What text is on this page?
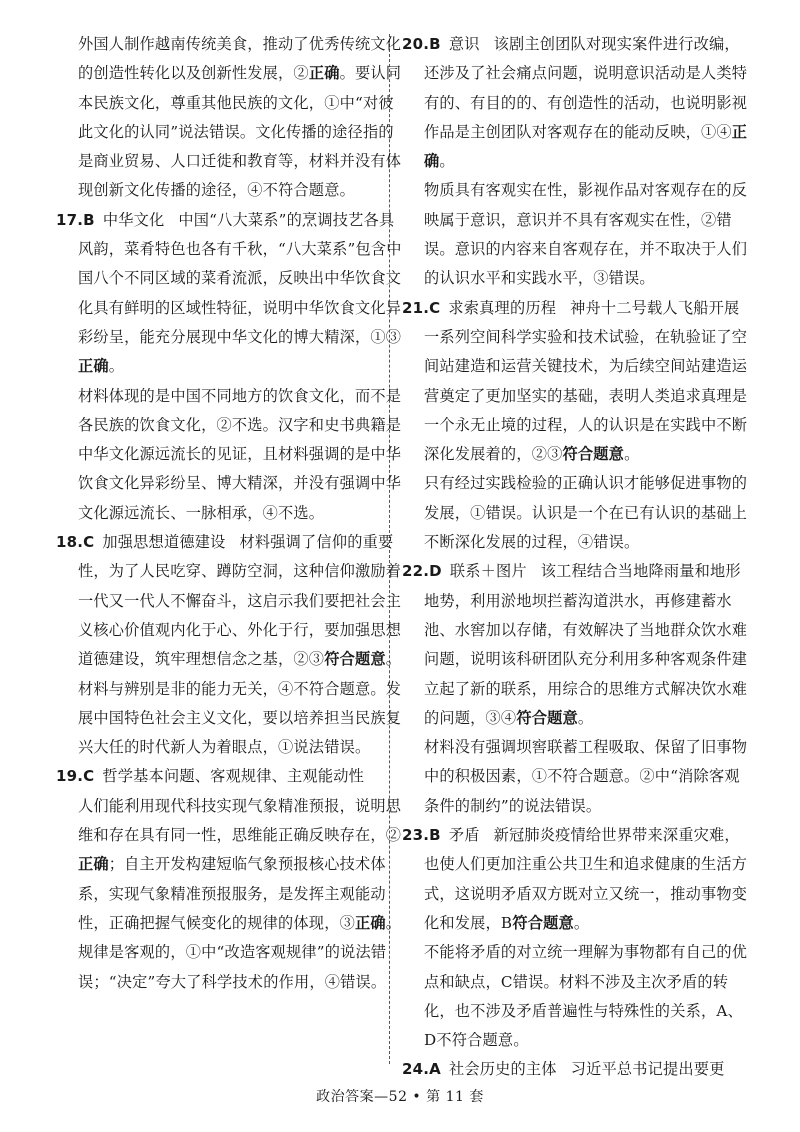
外国人制作越南传统美食，推动了优秀传统文化的创造性转化以及创新性发展，②正确。要认同本民族文化，尊重其他民族的文化，①中“对彼此文化的认同”说法错误。文化传播的途径指的是商业贸易、人口迁徙和教育等，材料并没有体现创新文化传播的途径，④不符合题意。

17.B 中华文化 中国“八大菜系”的烹调技艺各具风韵，菜肴特色也各有千秋，“八大菜系”包含中国八个不同区域的菜肴流派，反映出中华饮食文化具有鲜明的区域性特征，说明中华饮食文化异彩纷呈，能充分展现中华文化的博大精深，①③正确。
材料体现的是中国不同地方的饮食文化，而不是各民族的饮食文化，②不选。汉字和史书典籍是中华文化源远流长的见证，且材料强调的是中华饮食文化异彩纷呈、博大精深，并没有强调中华文化源远流长、一脉相承，④不选。

18.C 加强思想道德建设 材料强调了信仰的重要性，为了人民吃穿、蹲防空洞，这种信仰激励着一代又一代人不懈奋斗，这启示我们要把社会主义核心价值观内化于心、外化于行，要加强思想道德建设，筑牢理想信念之基，②③符合题意。
材料与辨别是非的能力无关，④不符合题意。发展中国特色社会主义文化，要以培养担当民族复兴大任的时代新人为着眼点，①说法错误。

19.C 哲学基本问题、客观规律、主观能动性
人们能利用现代科技实现气象精准预报，说明思维和存在具有同一性，思维能正确反映存在，②正确；自主开发构建短临气象预报核心技术体系，实现气象精准预报服务，是发挥主观能动性，正确把握气候变化的规律的体现，③正确。
规律是客观的，①中“改造客观规律”的说法错误；“决定”夸大了科学技术的作用，④错误。

20.B 意识 该剧主创团队对现实案件进行改编，还涉及了社会痛点问题，说明意识活动是人类特有的、有目的的、有创造性的活动，也说明影视作品是主创团队对客观存在的能动反映，①④正确。
物质具有客观实在性，影视作品对客观存在的反映属于意识，意识并不具有客观实在性，②错误。意识的内容来自客观存在，并不取决于人们的认识水平和实践水平，③错误。

21.C 求索真理的历程 神舟十二号载人飞船开展一系列空间科学实验和技术试验，在轨验证了空间站建造和运营关键技术，为后续空间站建造运营奠定了更加坚实的基础，表明人类追求真理是一个永无止境的过程，人的认识是在实践中不断深化发展着的，②③符合题意。
只有经过实践检验的正确认识才能够促进事物的发展，①错误。认识是一个在已有认识的基础上不断深化发展的过程，④错误。

22.D 联系＋图片 该工程结合当地降雨量和地形地势，利用淤地坝拦蓄沟道洪水，再修建蓄水池、水窖加以存储，有效解决了当地群众饮水难问题，说明该科研团队充分利用多种客观条件建立起了新的联系，用综合的思维方式解决饮水难的问题，③④符合题意。
材料没有强调坝窖联蓄工程吸取、保留了旧事物中的积极因素，①不符合题意。②中“消除客观条件的制约”的说法错误。

23.B 矛盾 新冠肺炎疫情给世界带来深重灾难，也使人们更加注重公共卫生和追求健康的生活方式，这说明矛盾双方既对立又统一，推动事物变化和发展，B符合题意。
不能将矛盾的对立统一理解为事物都有自己的优点和缺点，C错误。材料不涉及主次矛盾的转化，也不涉及矛盾普遍性与特殊性的关系，A、D不符合题意。

24.A 社会历史的主体 习近平总书记提出要更

政治答案—52 • 第 11 套
